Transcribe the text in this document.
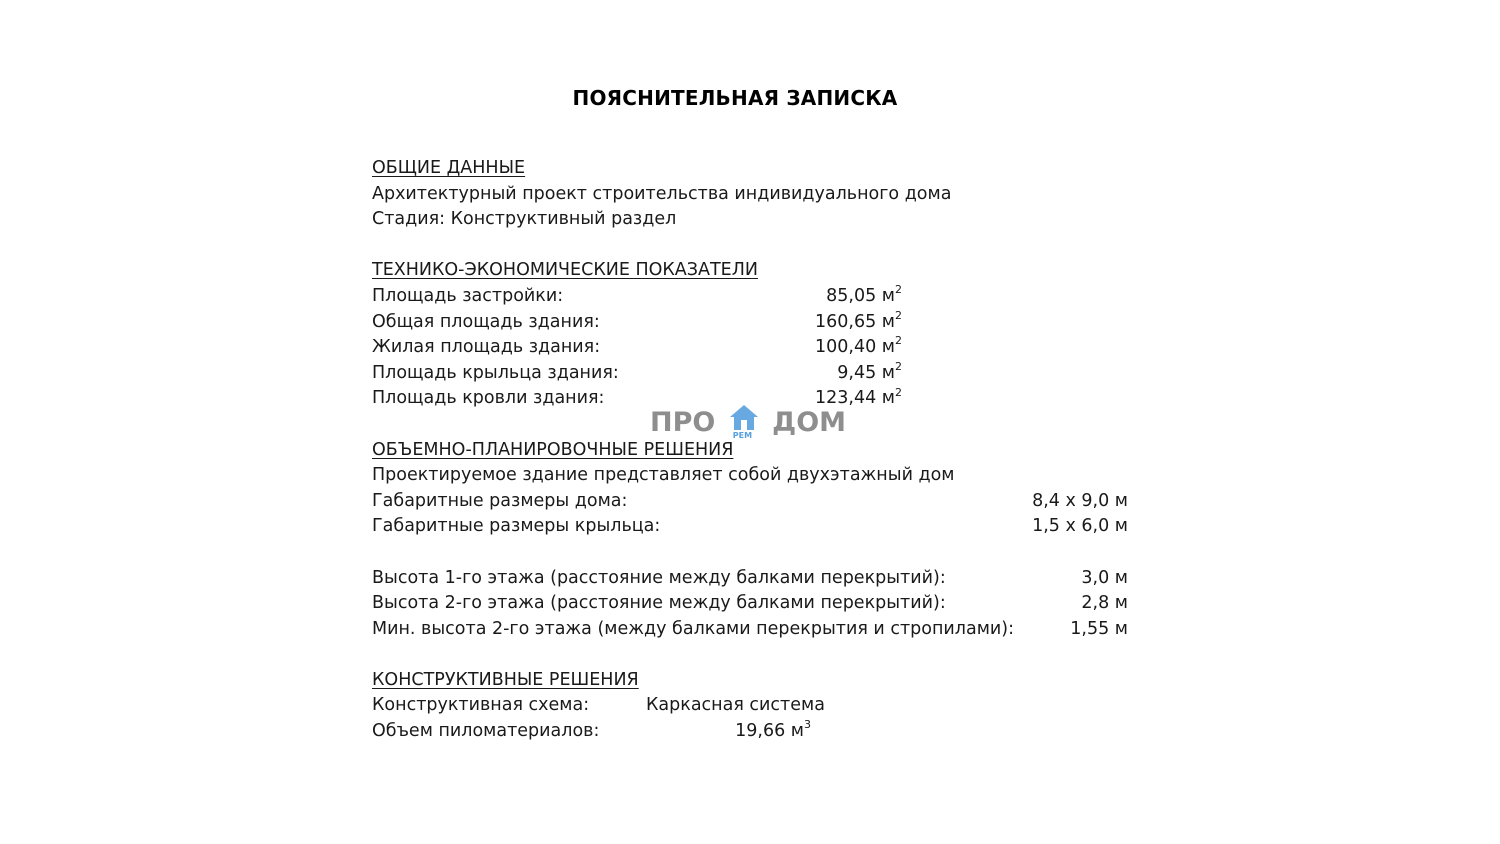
ПОЯСНИТЕЛЬНАЯ ЗАПИСКА
ОБЩИЕ ДАННЫЕ
Архитектурный проект строительства индивидуального дома
Стадия: Конструктивный раздел
ТЕХНИКО-ЭКОНОМИЧЕСКИЕ ПОКАЗАТЕЛИ
Площадь застройки:	85,05 $м^2$
Общая площадь здания:	160,65 $м^2$
Жилая площадь здания:	100,40 $м^2$
Площадь крыльца здания:	9,45 $м^2$
Площадь кровли здания:	123,44 $м^2$
ОБЪЕМНО-ПЛАНИРОВОЧНЫЕ РЕШЕНИЯ
Проектируемое здание представляет собой двухэтажный дом
Габаритные размеры дома:	8,4 х 9,0 м
Габаритные размеры крыльца:	1,5 х 6,0 м
Высота 1-го этажа (расстояние между балками перекрытий):	3,0 м
Высота 2-го этажа (расстояние между балками перекрытий):	2,8 м
Мин. высота 2-го этажа (между балками перекрытия и стропилами):	1,55 м
КОНСТРУКТИВНЫЕ РЕШЕНИЯ
Конструктивная схема:	Каркасная система
Объем пиломатериалов:	19,66 $м^3$
ПРО РЕМ ДОМ
